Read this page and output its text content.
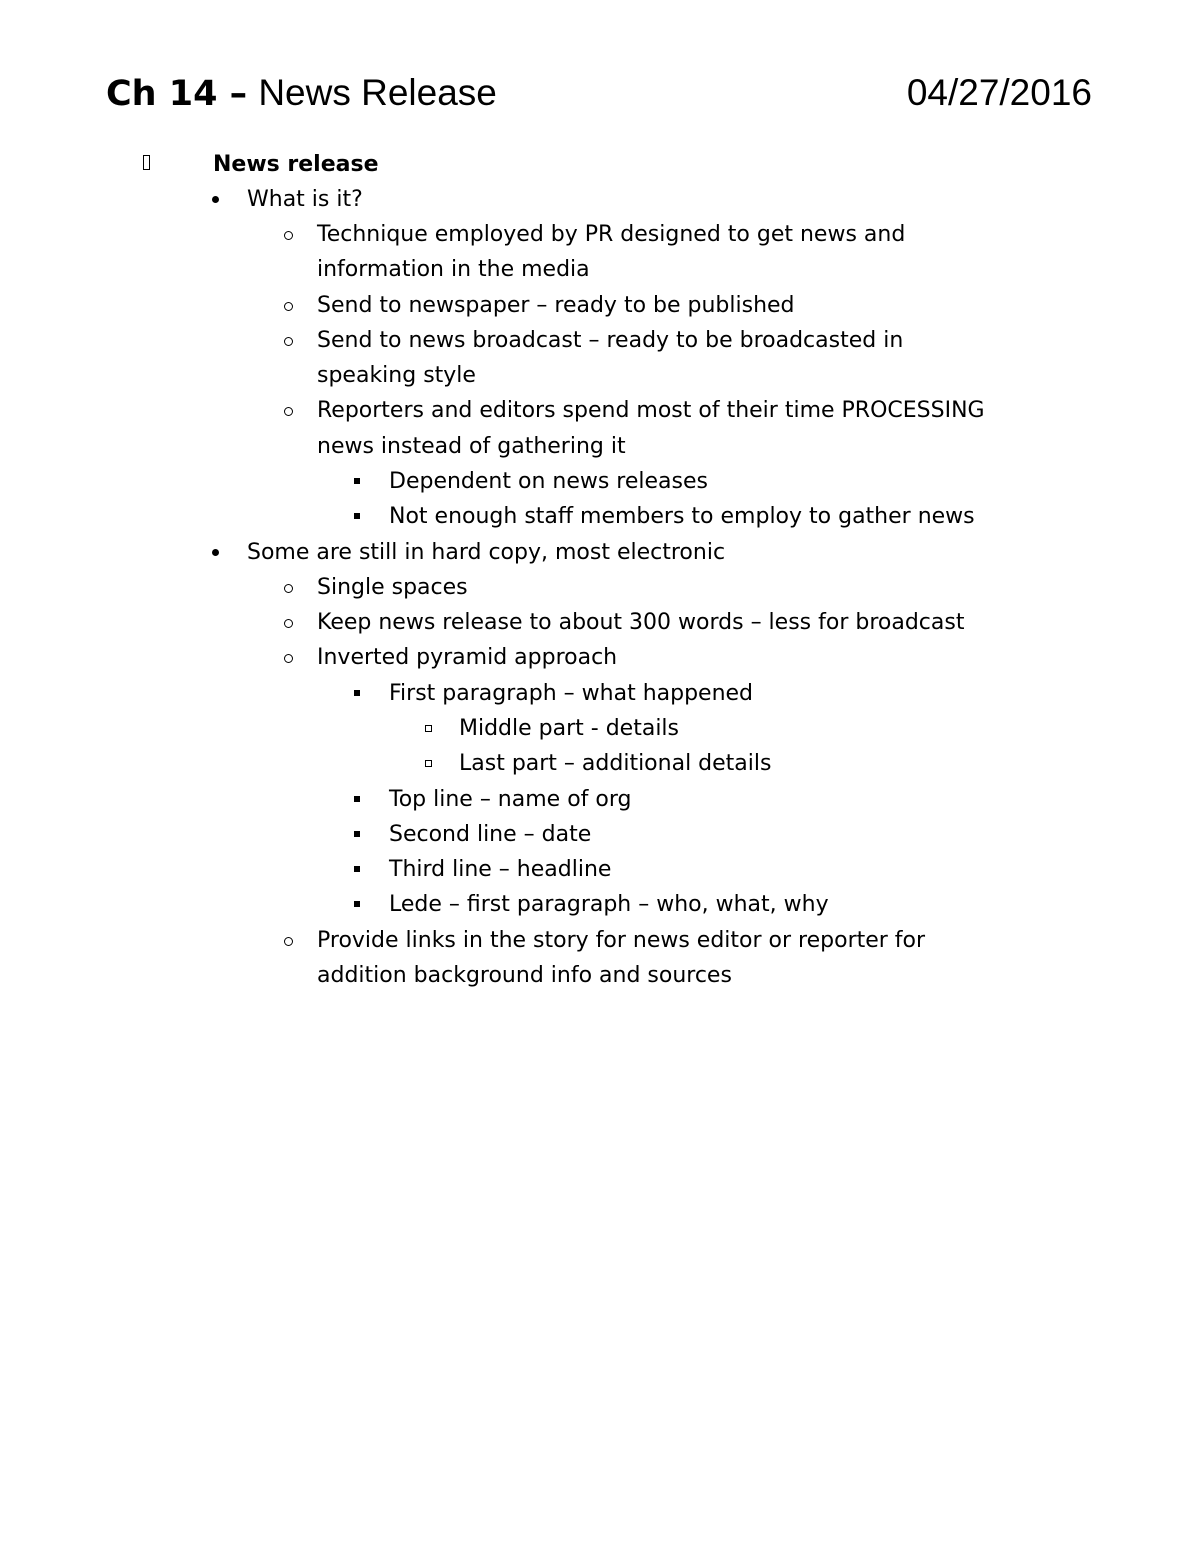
Ch 14 – News Release	04/27/2016
News release
What is it?
Technique employed by PR designed to get news and
information in the media
Send to newspaper – ready to be published
Send to news broadcast – ready to be broadcasted in
speaking style
Reporters and editors spend most of their time PROCESSING
news instead of gathering it
Dependent on news releases
Not enough staff members to employ to gather news
Some are still in hard copy, most electronic
Single spaces
Keep news release to about 300 words – less for broadcast
Inverted pyramid approach
First paragraph – what happened
Middle part - details
Last part – additional details
Top line – name of org
Second line – date
Third line – headline
Lede – first paragraph – who, what, why
Provide links in the story for news editor or reporter for
addition background info and sources
